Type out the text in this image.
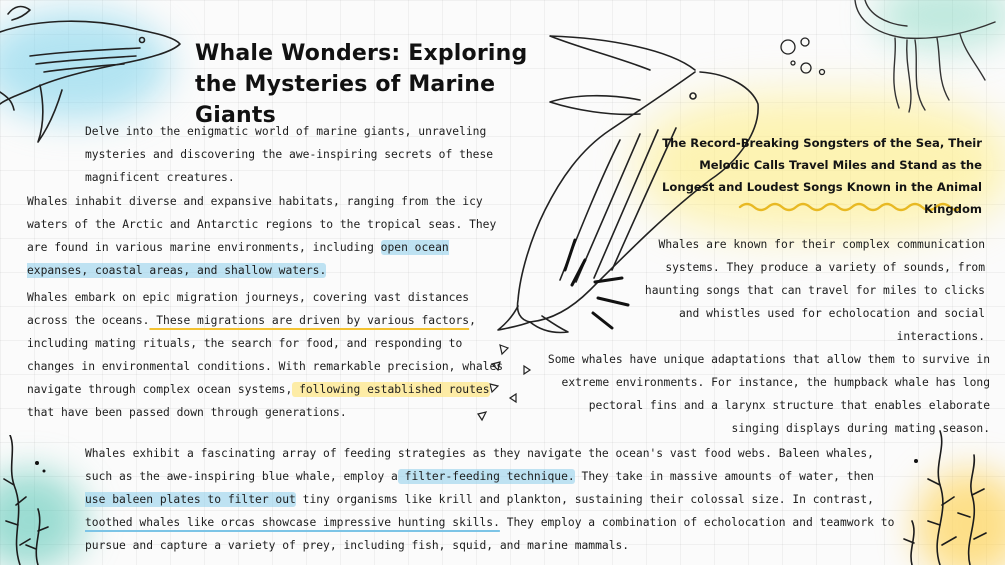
Whale Wonders: Exploring the Mysteries of Marine Giants

Delve into the enigmatic world of marine giants, unraveling mysteries and discovering the awe-inspiring secrets of these magnificent creatures.

Whales inhabit diverse and expansive habitats, ranging from the icy waters of the Arctic and Antarctic regions to the tropical seas. They are found in various marine environments, including open ocean expanses, coastal areas, and shallow waters.

Whales embark on epic migration journeys, covering vast distances across the oceans. These migrations are driven by various factors, including mating rituals, the search for food, and responding to changes in environmental conditions. With remarkable precision, whales navigate through complex ocean systems, following established routes that have been passed down through generations.

The Record-Breaking Songsters of the Sea, Their Melodic Calls Travel Miles and Stand as the Longest and Loudest Songs Known in the Animal Kingdom

Whales are known for their complex communication systems. They produce a variety of sounds, from haunting songs that can travel for miles to clicks and whistles used for echolocation and social interactions.

Some whales have unique adaptations that allow them to survive in extreme environments. For instance, the humpback whale has long pectoral fins and a larynx structure that enables elaborate singing displays during mating season.

Whales exhibit a fascinating array of feeding strategies as they navigate the ocean's vast food webs. Baleen whales, such as the awe-inspiring blue whale, employ a filter-feeding technique. They take in massive amounts of water, then use baleen plates to filter out tiny organisms like krill and plankton, sustaining their colossal size. In contrast, toothed whales like orcas showcase impressive hunting skills. They employ a combination of echolocation and teamwork to pursue and capture a variety of prey, including fish, squid, and marine mammals.
